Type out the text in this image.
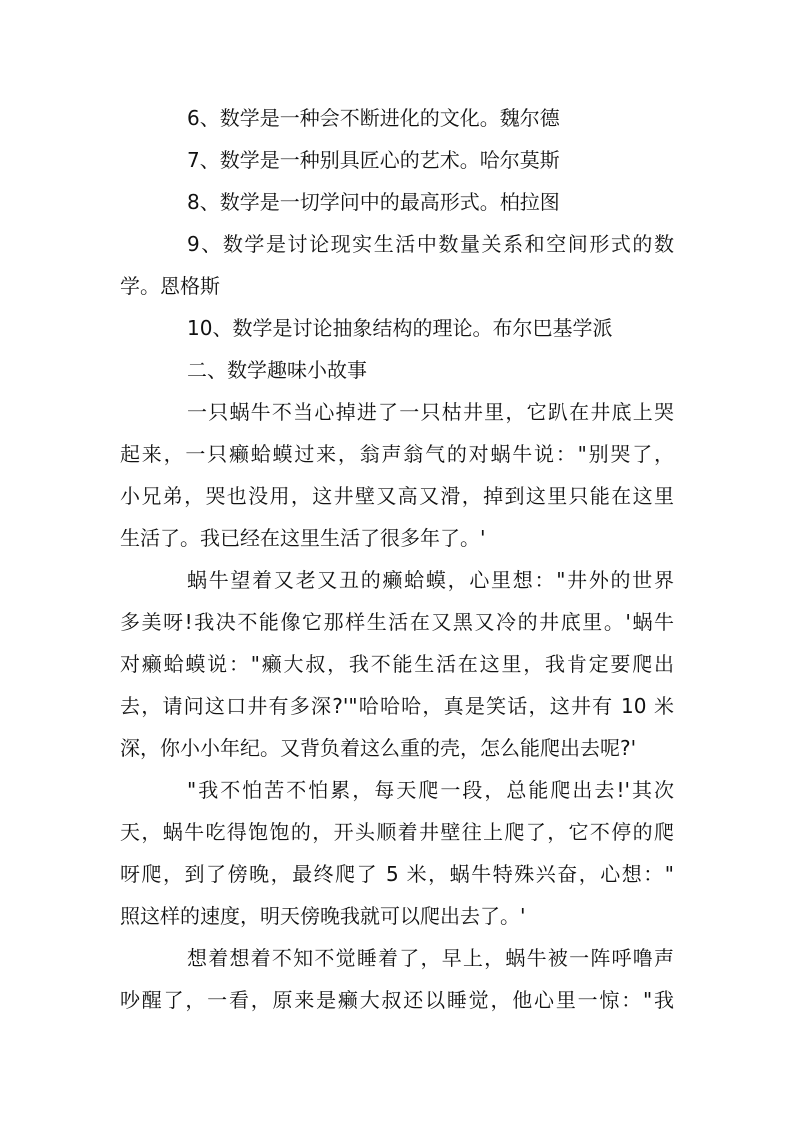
6、数学是一种会不断进化的文化。魏尔德
7、数学是一种别具匠心的艺术。哈尔莫斯
8、数学是一切学问中的最高形式。柏拉图
9、数学是讨论现实生活中数量关系和空间形式的数
学。恩格斯
10、数学是讨论抽象结构的理论。布尔巴基学派
二、数学趣味小故事
一只蜗牛不当心掉进了一只枯井里，它趴在井底上哭
起来，一只癞蛤蟆过来，翁声翁气的对蜗牛说："别哭了，
小兄弟，哭也没用，这井壁又高又滑，掉到这里只能在这里
生活了。我已经在这里生活了很多年了。'
蜗牛望着又老又丑的癞蛤蟆，心里想："井外的世界
多美呀!我决不能像它那样生活在又黑又冷的井底里。'蜗牛
对癞蛤蟆说："癞大叔，我不能生活在这里，我肯定要爬出
去，请问这口井有多深?'"哈哈哈，真是笑话，这井有 10 米
深，你小小年纪。又背负着这么重的壳，怎么能爬出去呢?'
"我不怕苦不怕累，每天爬一段，总能爬出去!'其次
天，蜗牛吃得饱饱的，开头顺着井壁往上爬了，它不停的爬
呀爬，到了傍晚，最终爬了 5 米，蜗牛特殊兴奋，心想："
照这样的速度，明天傍晚我就可以爬出去了。'
想着想着不知不觉睡着了，早上，蜗牛被一阵呼噜声
吵醒了，一看，原来是癞大叔还以睡觉，他心里一惊："我
